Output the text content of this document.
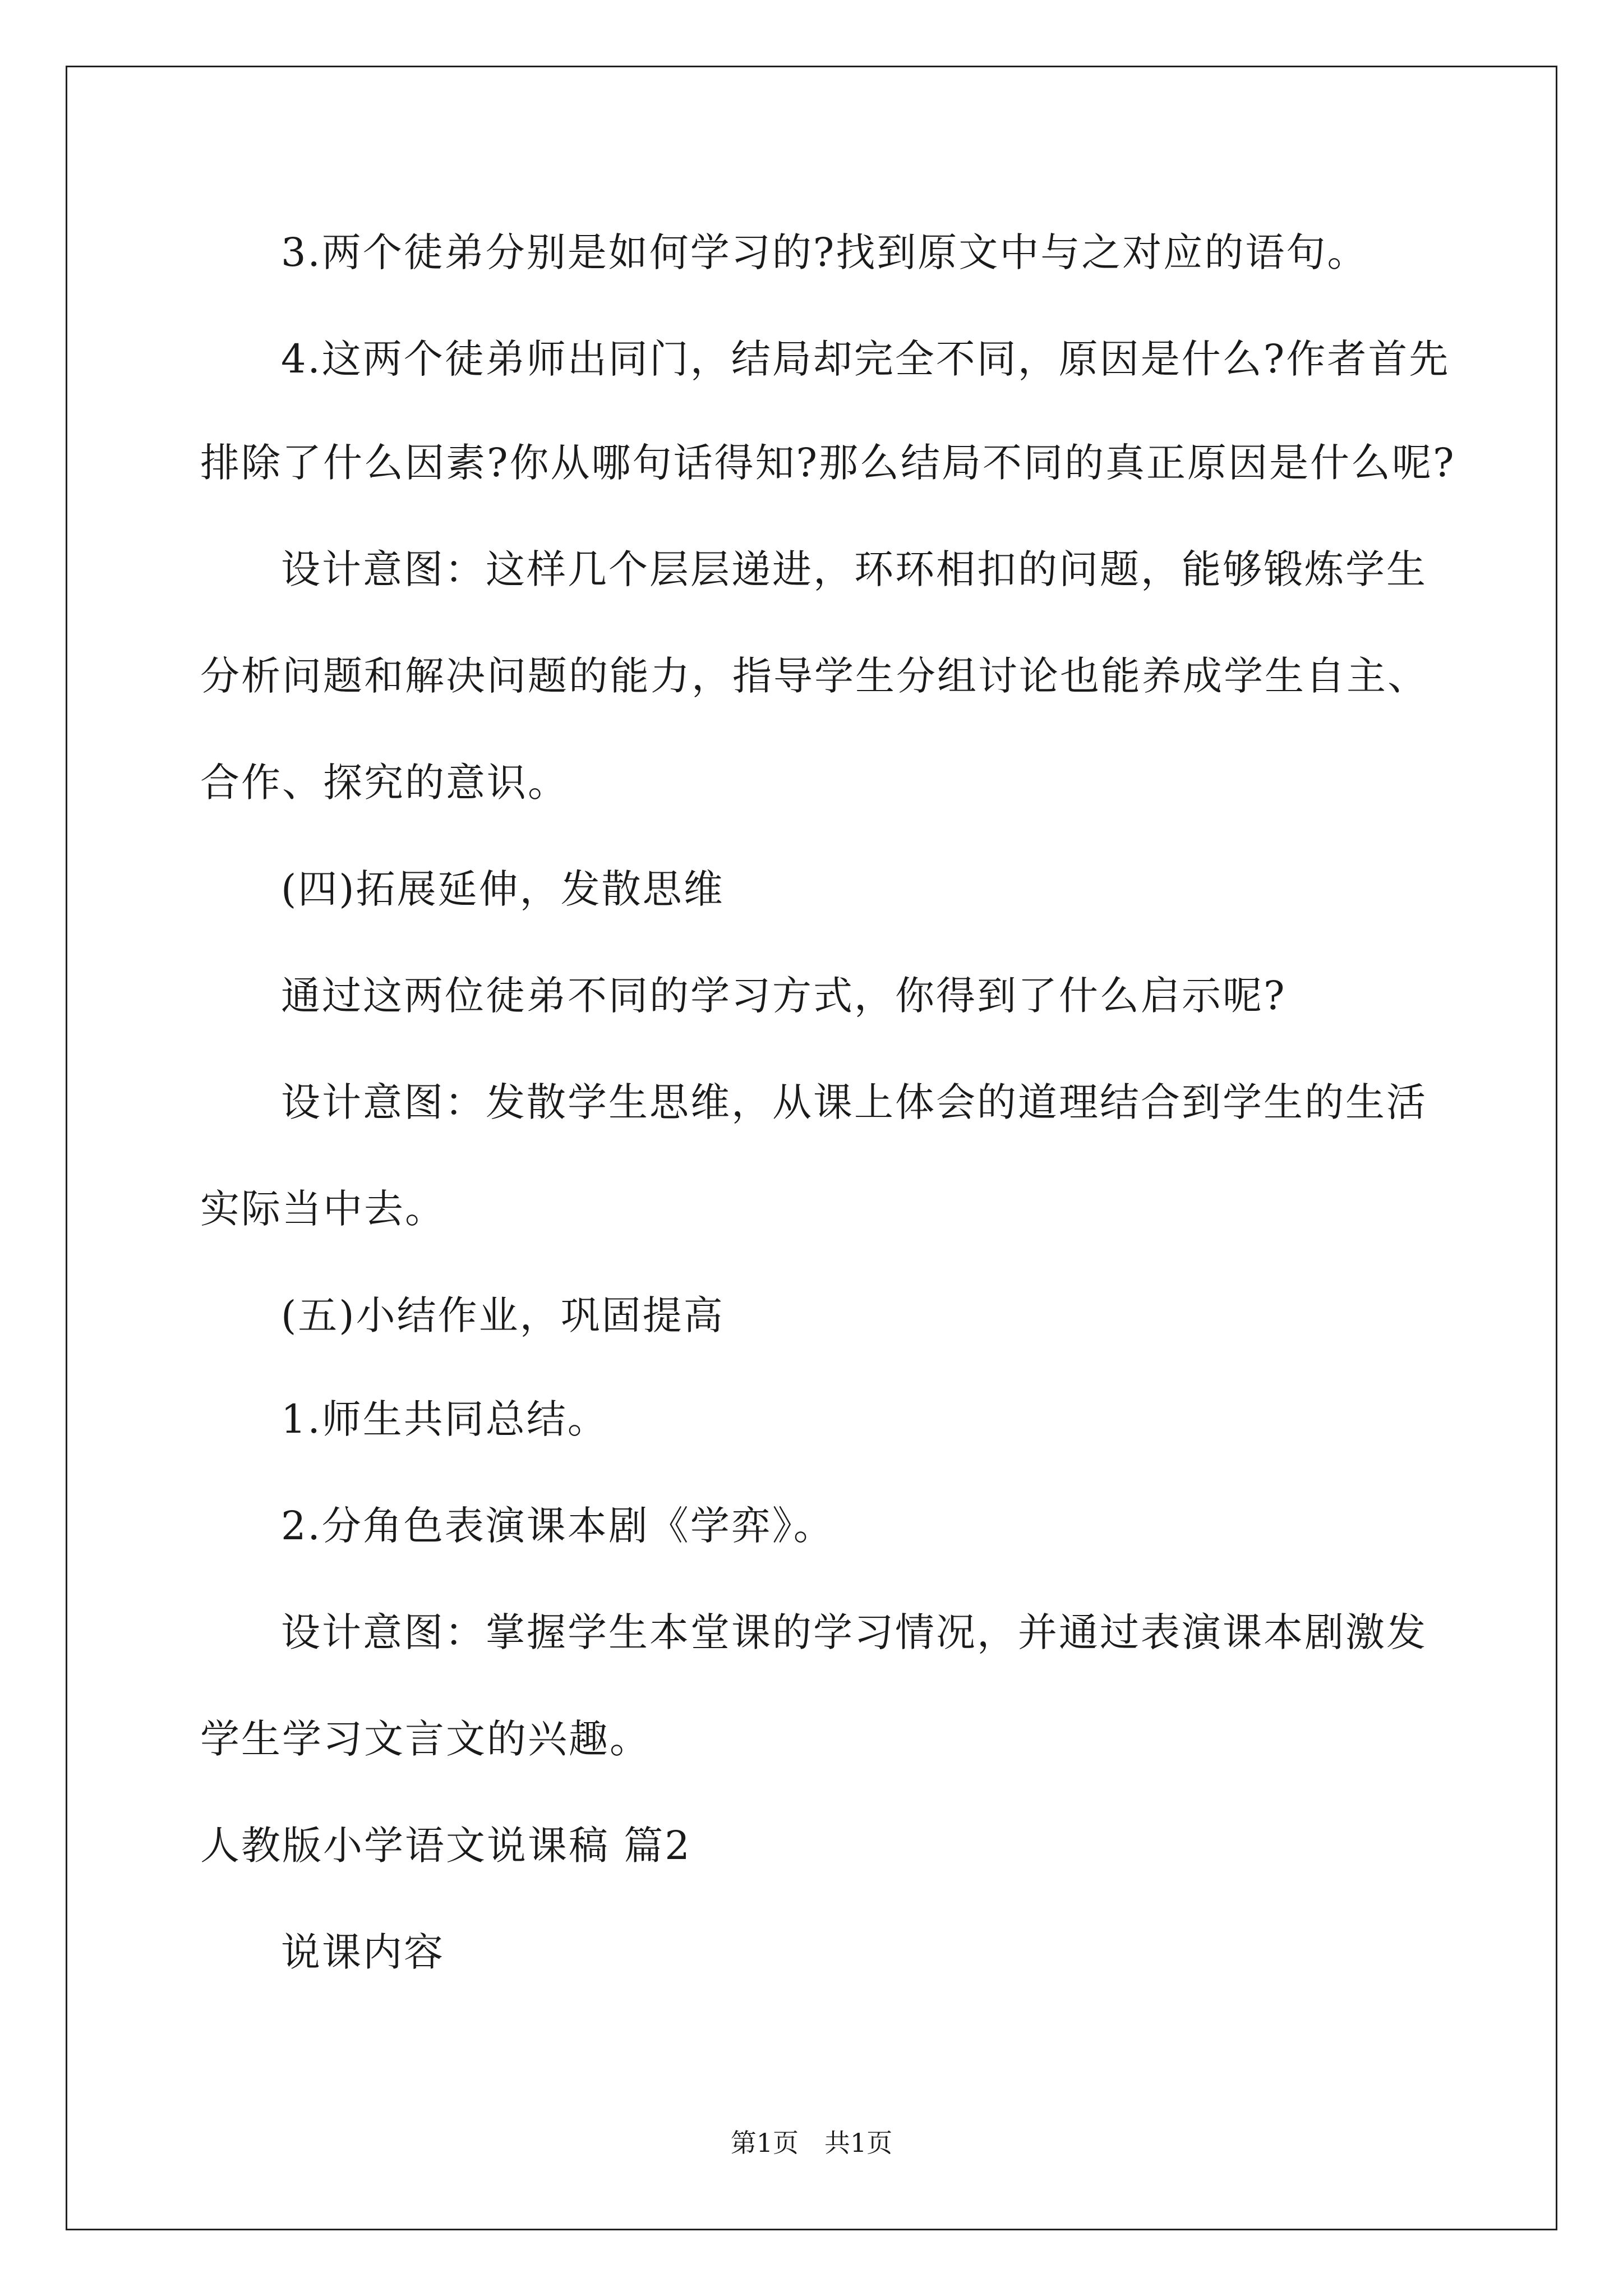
3.两个徒弟分别是如何学习的?找到原文中与之对应的语句。
4.这两个徒弟师出同门，结局却完全不同，原因是什么?作者首先
排除了什么因素?你从哪句话得知?那么结局不同的真正原因是什么呢?
设计意图：这样几个层层递进，环环相扣的问题，能够锻炼学生
分析问题和解决问题的能力，指导学生分组讨论也能养成学生自主、
合作、探究的意识。
(四)拓展延伸，发散思维
通过这两位徒弟不同的学习方式，你得到了什么启示呢?
设计意图：发散学生思维，从课上体会的道理结合到学生的生活
实际当中去。
(五)小结作业，巩固提高
1.师生共同总结。
2.分角色表演课本剧《学弈》。
设计意图：掌握学生本堂课的学习情况，并通过表演课本剧激发
学生学习文言文的兴趣。
人教版小学语文说课稿 篇2
说课内容
第1页　共1页
